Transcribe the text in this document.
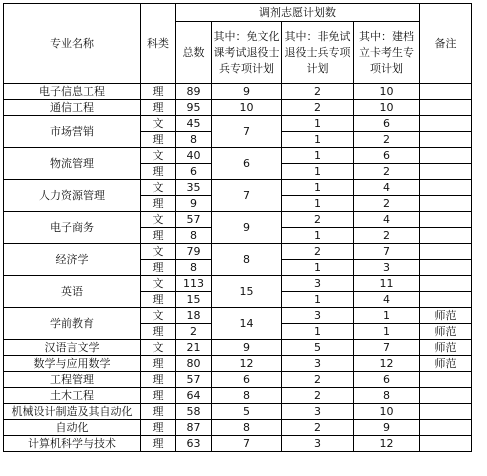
专业名称	科类	调剂志愿计划数				备注
		总数	其中：免文化课考试退役士兵专项计划	其中：非免试退役士兵专项计划	其中：建档立卡考生专项计划	
电子信息工程	理	89	9	2	10	
通信工程	理	95	10	2	10	
市场营销	文	45	7	1	6	
	理	8		1	2	
物流管理	文	40	6	1	6	
	理	6		1	2	
人力资源管理	文	35	7	1	4	
	理	9		1	2	
电子商务	文	57	9	2	4	
	理	8		1	2	
经济学	文	79	8	2	7	
	理	8		1	3	
英语	文	113	15	3	11	
	理	15		1	4	
学前教育	文	18	14	3	1	师范
	理	2		1	1	师范
汉语言文学	文	21	9	5	7	师范
数学与应用数学	理	80	12	3	12	师范
工程管理	理	57	6	2	6	
土木工程	理	64	8	2	8	
机械设计制造及其自动化	理	58	5	3	10	
自动化	理	87	8	2	9	
计算机科学与技术	理	63	7	3	12	
